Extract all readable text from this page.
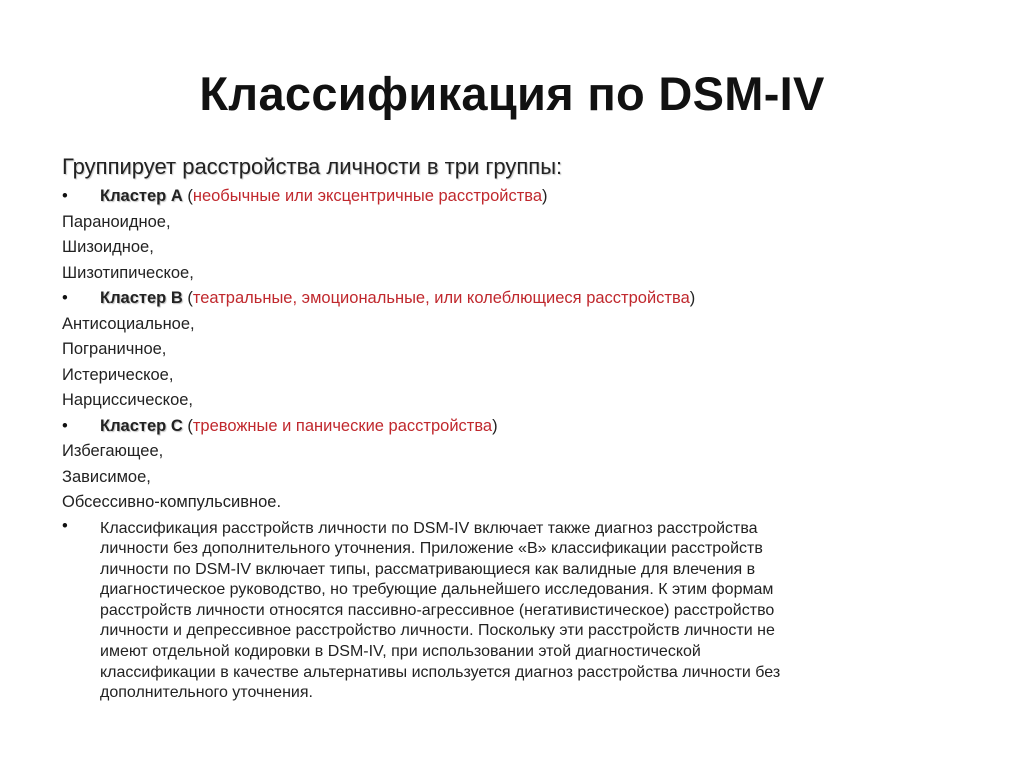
Классификация по DSM-IV
Группирует расстройства личности в три группы:
• Кластер А (необычные или эксцентричные расстройства)
Параноидное,
Шизоидное,
Шизотипическое,
• Кластер В (театральные, эмоциональные, или колеблющиеся расстройства)
Антисоциальное,
Пограничное,
Истерическое,
Нарциссическое,
• Кластер С (тревожные и панические расстройства)
Избегающее,
Зависимое,
Обсессивно-компульсивное.
• Классификация расстройств личности по DSM-IV включает также диагноз расстройства
личности без дополнительного уточнения. Приложение «В» классификации расстройств
личности по DSM-IV включает типы, рассматривающиеся как валидные для влечения в
диагностическое руководство, но требующие дальнейшего исследования. К этим формам
расстройств личности относятся пассивно-агрессивное (негативистическое) расстройство
личности и депрессивное расстройство личности. Поскольку эти расстройств личности не
имеют отдельной кодировки в DSM-IV, при использовании этой диагностической
классификации в качестве альтернативы используется диагноз расстройства личности без
дополнительного уточнения.
